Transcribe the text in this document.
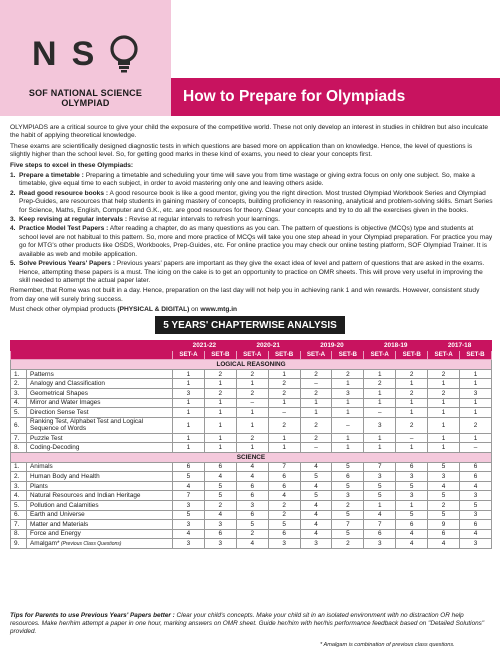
N S
SOF NATIONAL SCIENCE OLYMPIAD	How to Prepare for Olympiads

OLYMPIADS are a critical source to give your child the exposure of the competitive world. These not only develop an interest in studies in children but also inculcate the habit of applying theoretical knowledge.

These exams are scientifically designed diagnostic tests in which questions are based more on application than on knowledge. Hence, the level of questions is slightly higher than the school level. So, for getting good marks in these kind of exams, you need to clear your concepts first.

Five steps to excel in these Olympiads:

1. Prepare a timetable : Preparing a timetable and scheduling your time will save you from time wastage or giving extra focus on only one subject. So, make a timetable, give equal time to each subject, in order to avoid mastering only one and leaving others aside.
2. Read good resource books : A good resource book is like a good mentor, giving you the right direction. Most trusted Olympiad Workbook Series and Olympiad Prep-Guides, are resources that help students in gaining mastery of concepts, building proficiency in reasoning, analytical and problem-solving skills. Smart Series for Science, Maths, English, Computer and G.K., etc. are good resources for theory. Clear your concepts and try to do all the exercises given in the books.
3. Keep revising at regular intervals : Revise at regular intervals to refresh your learnings.
4. Practice Model Test Papers : After reading a chapter, do as many questions as you can. The pattern of questions is objective (MCQs) type and students at school level are not habitual to this pattern. So, more and more practice of MCQs will take you one step ahead in your Olympiad preparation. For practice you may go for MTG's other products like OSDS, Workbooks, Prep-Guides, etc. For online practice you may check our online testing platform, SOF Olympiad Trainer. It is available as web and mobile application.
5. Solve Previous Years' Papers : Previous years' papers are important as they give the exact idea of level and pattern of questions that are asked in the exams. Hence, attempting these papers is a must. The icing on the cake is to get an opportunity to practice on OMR sheets. This will prove very useful in improving the skill needed to attempt the actual paper later.

Remember, that Rome was not built in a day. Hence, preparation on the last day will not help you in achieving rank 1 and win rewards. However, consistent study from day one will surely bring success.

Must check other olympiad products (PHYSICAL & DIGITAL) on www.mtg.in

5 YEARS' CHAPTERWISE ANALYSIS
		2021-22		2020-21		2019-20		2018-19		2017-18	
		SET-A	SET-B	SET-A	SET-B	SET-A	SET-B	SET-A	SET-B	SET-A	SET-B
LOGICAL REASONING											
1.	Patterns	1	2	2	1	2	2	1	2	2	1
2.	Analogy and Classification	1	1	1	2	–	1	2	1	1	1
3.	Geometrical Shapes	3	2	2	2	2	3	1	2	2	3
4.	Mirror and Water Images	1	1	–	1	1	1	1	1	1	1
5.	Direction Sense Test	1	1	1	–	1	1	–	1	1	1
6.	Ranking Test, Alphabet Test and Logical Sequence of Words	1	1	1	2	2	–	3	2	1	2
7.	Puzzle Test	1	1	2	1	2	1	1	–	1	1
8.	Coding-Decoding	1	1	1	1	–	1	1	1	1	–
SCIENCE											
1.	Animals	6	6	4	7	4	5	7	6	5	6
2.	Human Body and Health	5	4	4	6	5	6	3	3	3	6
3.	Plants	4	5	6	6	4	5	5	5	4	4
4.	Natural Resources and Indian Heritage	7	5	6	4	5	3	5	3	5	3
5.	Pollution and Calamities	3	2	3	2	4	2	1	1	2	5
6.	Earth and Universe	5	4	6	2	4	5	4	5	5	3
7.	Matter and Materials	3	3	5	5	4	7	7	6	9	6
8.	Force and Energy	4	6	2	6	4	5	6	4	6	4
9.	Amalgam* (Previous Class Questions)	3	3	4	3	3	2	3	4	4	3
Tips for Parents to use Previous Years' Papers better : Clear your child's concepts. Make your child sit in an isolated environment with no distraction OR help resources. Make her/him attempt a paper in one hour, marking answers on OMR sheet. Guide her/him with her/his performance feedback based on "Detailed Solutions" provided.
* Amalgam is combination of previous class questions.
